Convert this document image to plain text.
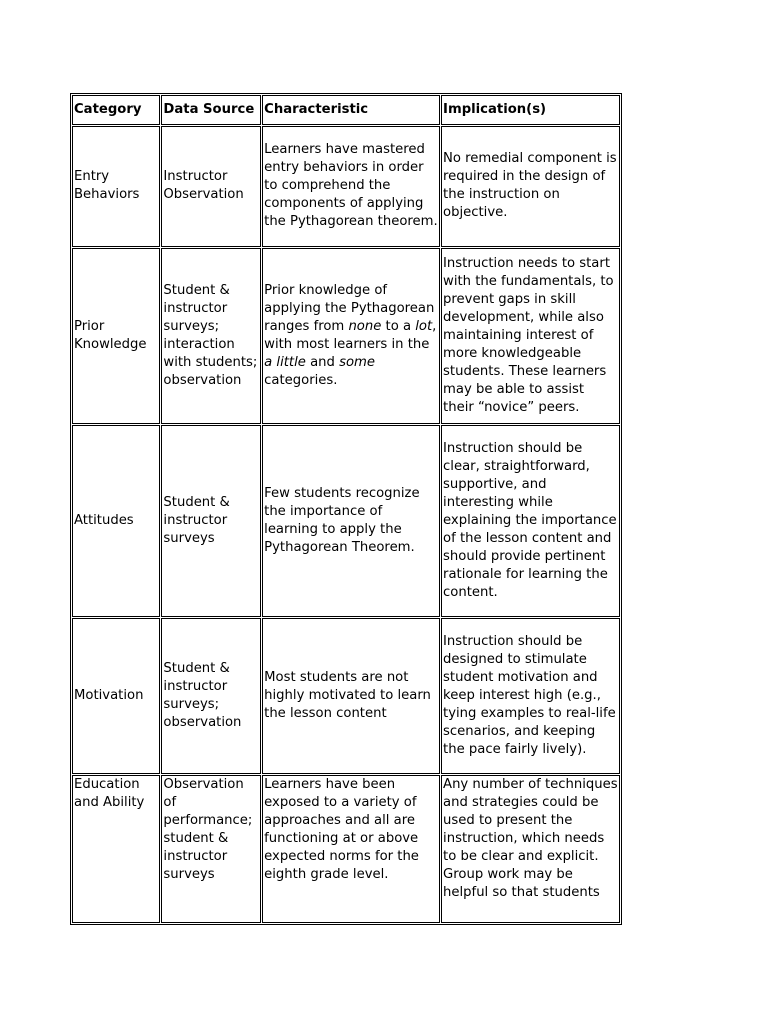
Category	Data Source	Characteristic	Implication(s)
Entry Behaviors	Instructor Observation	Learners have mastered entry behaviors in order to comprehend the components of applying the Pythagorean theorem.	No remedial component is required in the design of the instruction on objective.
Prior Knowledge	Student & instructor surveys; interaction with students; observation	Prior knowledge of applying the Pythagorean ranges from none to a lot, with most learners in the a little and some categories.	Instruction needs to start with the fundamentals, to prevent gaps in skill development, while also maintaining interest of more knowledgeable students. These learners may be able to assist their “novice” peers.
Attitudes	Student & instructor surveys	Few students recognize the importance of learning to apply the Pythagorean Theorem.	Instruction should be clear, straightforward, supportive, and interesting while explaining the importance of the lesson content and should provide pertinent rationale for learning the content.
Motivation	Student & instructor surveys; observation	Most students are not highly motivated to learn the lesson content	Instruction should be designed to stimulate student motivation and keep interest high (e.g., tying examples to real-life scenarios, and keeping the pace fairly lively).
Education and Ability	Observation of performance; student & instructor surveys	Learners have been exposed to a variety of approaches and all are functioning at or above expected norms for the eighth grade level.	Any number of techniques and strategies could be used to present the instruction, which needs to be clear and explicit. Group work may be helpful so that students
